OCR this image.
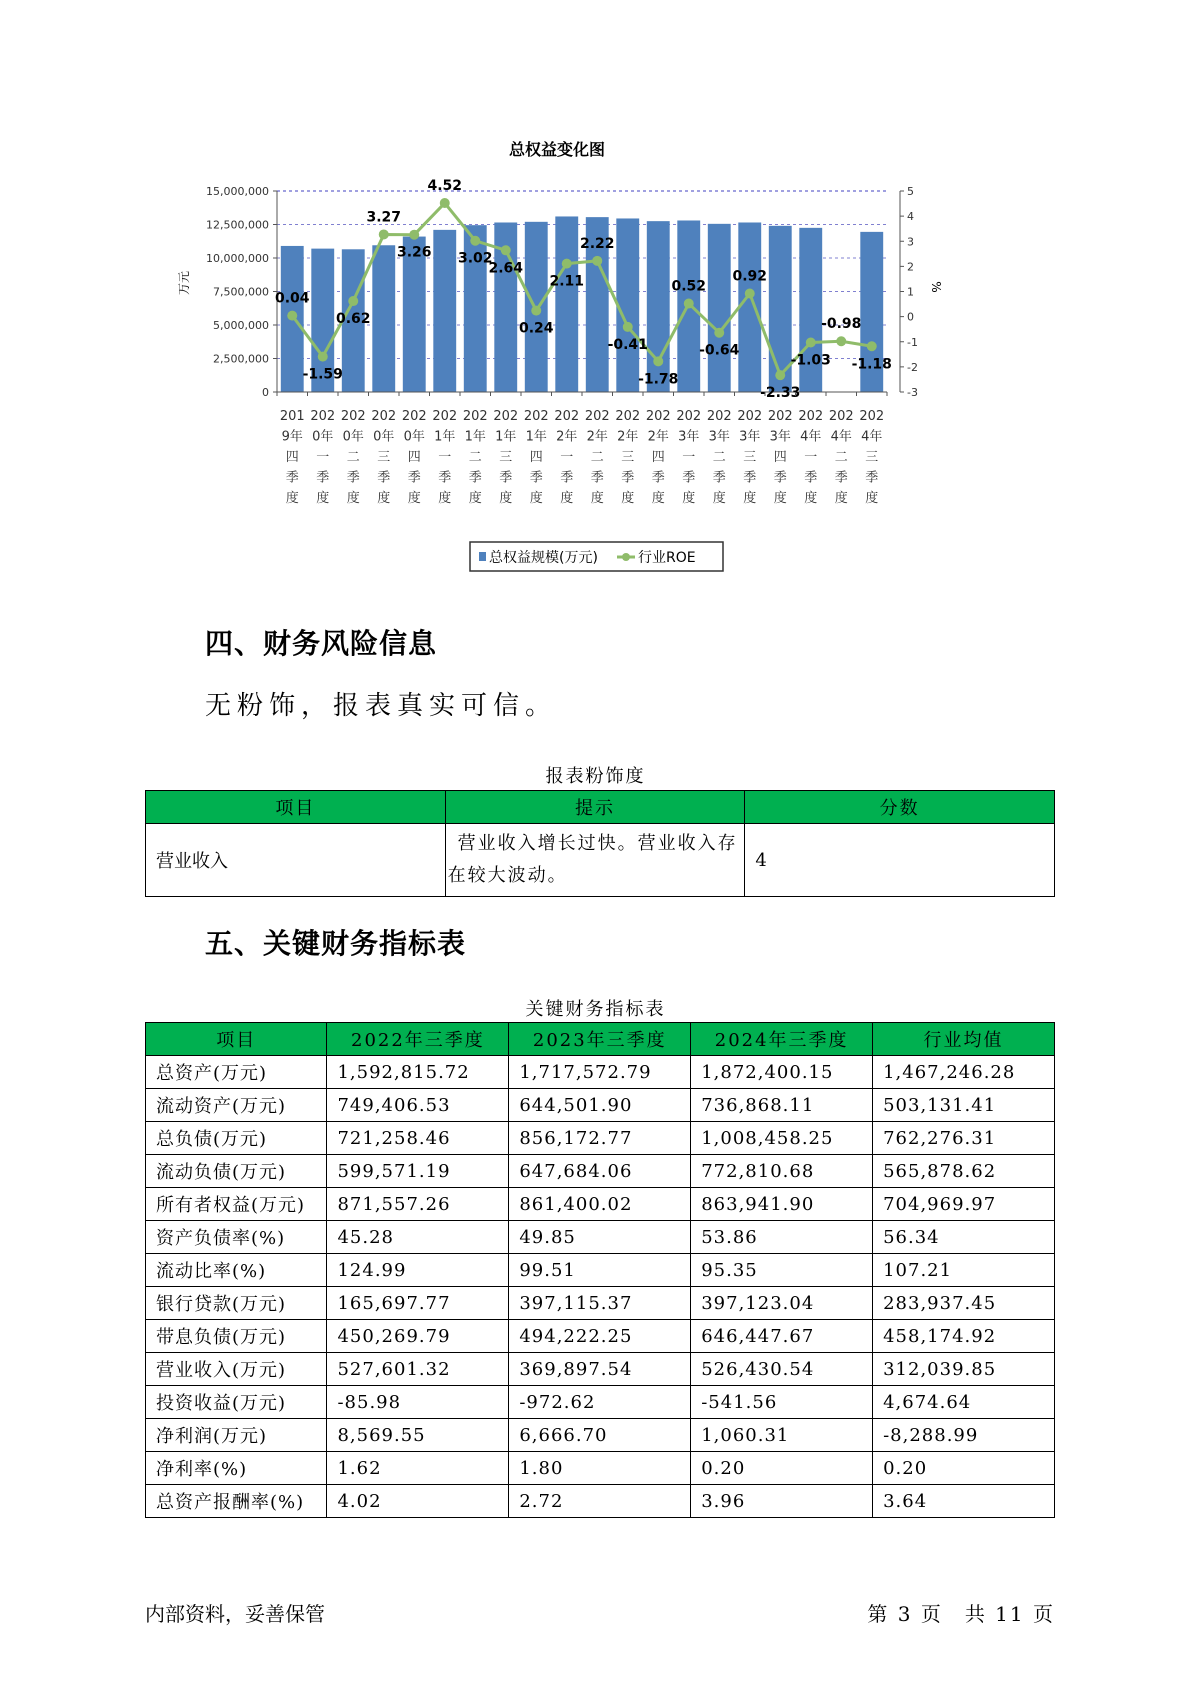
总权益变化图
15,000,000
12,500,000
10,000,000
7,500,000
5,000,000
2,500,000
0
5
4
3
2
1
0
-1
-2
-3
0.04
-1.59
0.62
3.27
3.26
4.52
3.02
2.64
0.24
2.11
2.22
-0.41
-1.78
0.52
-0.64
0.92
-2.33
-1.03
-0.98
-1.18
万元	%
201
9年
四
季
度
202
0年
一
季
度
202
0年
二
季
度
202
0年
三
季
度
202
0年
四
季
度
202
1年
一
季
度
202
1年
二
季
度
202
1年
三
季
度
202
1年
四
季
度
202
2年
一
季
度
202
2年
二
季
度
202
2年
三
季
度
202
2年
四
季
度
202
3年
一
季
度
202
3年
二
季
度
202
3年
三
季
度
202
3年
四
季
度
202
4年
一
季
度
202
4年
二
季
度
202
4年
三
季
度
总权益规模(万元)	行业ROE
四、财务风险信息
无粉饰，报表真实可信。
报表粉饰度
项目	提示	分数
营业收入	营业收入增长过快。营业收入存
在较大波动。	4
五、关键财务指标表
关键财务指标表
项目	2022年三季度	2023年三季度	2024年三季度	行业均值
总资产(万元)	1,592,815.72	1,717,572.79	1,872,400.15	1,467,246.28
流动资产(万元)	749,406.53	644,501.90	736,868.11	503,131.41
总负债(万元)	721,258.46	856,172.77	1,008,458.25	762,276.31
流动负债(万元)	599,571.19	647,684.06	772,810.68	565,878.62
所有者权益(万元)	871,557.26	861,400.02	863,941.90	704,969.97
资产负债率(%)	45.28	49.85	53.86	56.34
流动比率(%)	124.99	99.51	95.35	107.21
银行贷款(万元)	165,697.77	397,115.37	397,123.04	283,937.45
带息负债(万元)	450,269.79	494,222.25	646,447.67	458,174.92
营业收入(万元)	527,601.32	369,897.54	526,430.54	312,039.85
投资收益(万元)	-85.98	-972.62	-541.56	4,674.64
净利润(万元)	8,569.55	6,666.70	1,060.31	-8,288.99
净利率(%)	1.62	1.80	0.20	0.20
总资产报酬率(%)	4.02	2.72	3.96	3.64
内部资料，妥善保管	第 3 页　共 11 页
